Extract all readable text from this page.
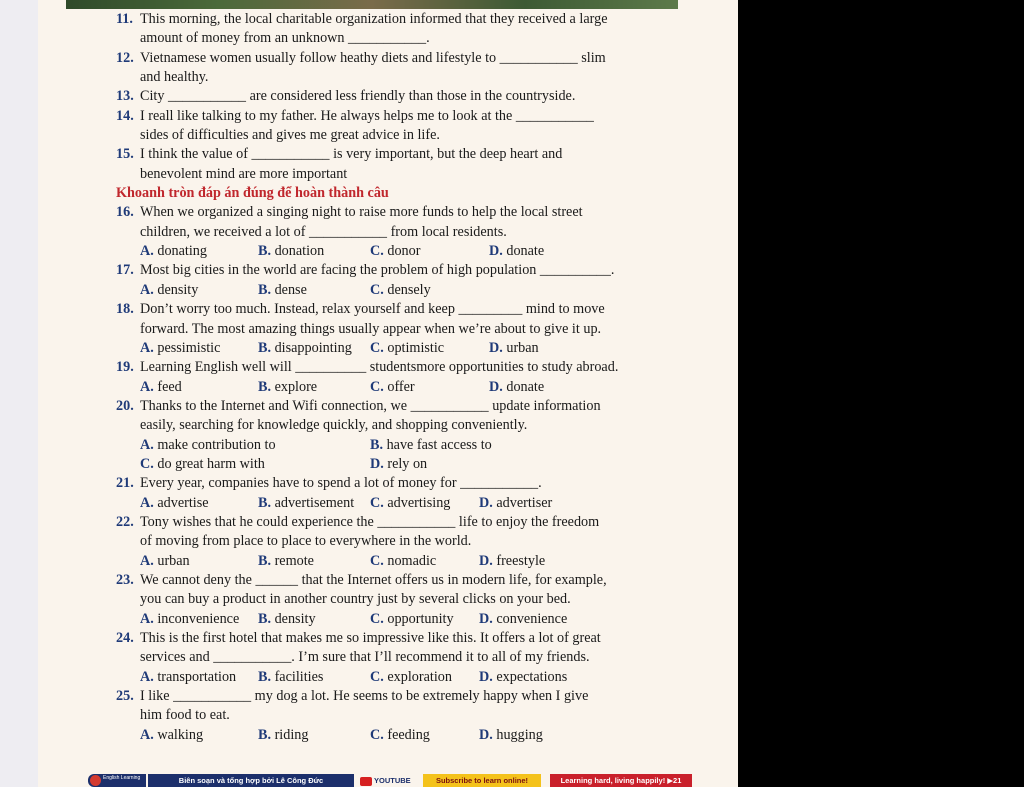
11. This morning, the local charitable organization informed that they received a large
amount of money from an unknown ___________.
12. Vietnamese women usually follow heathy diets and lifestyle to ___________ slim
and healthy.
13. City ___________ are considered less friendly than those in the countryside.
14. I reall like talking to my father. He always helps me to look at the ___________
sides of difficulties and gives me great advice in life.
15. I think the value of ___________ is very important, but the deep heart and
benevolent mind are more important
Khoanh tròn đáp án đúng để hoàn thành câu
16. When we organized a singing night to raise more funds to help the local street
children, we received a lot of ___________ from local residents.
A. donating	B. donation	C. donor	D. donate
17. Most big cities in the world are facing the problem of high population __________.
A. density	B. dense	C. densely
18. Don’t worry too much. Instead, relax yourself and keep _________ mind to move
forward. The most amazing things usually appear when we’re about to give it up.
A. pessimistic	B. disappointing C. optimistic	D. urban
19. Learning English well will __________ studentsmore opportunities to study abroad.
A. feed	B. explore	C. offer	D. donate
20. Thanks to the Internet and Wifi connection, we ___________ update information
easily, searching for knowledge quickly, and shopping conveniently.
A. make contribution to	B. have fast access to
C. do great harm with	D. rely on
21. Every year, companies have to spend a lot of money for ___________.
A. advertise	B. advertisement C. advertising D. advertiser
22. Tony wishes that he could experience the ___________ life to enjoy the freedom
of moving from place to place to everywhere in the world.
A. urban	B. remote	C. nomadic	D. freestyle
23. We cannot deny the ______ that the Internet offers us in modern life, for example,
you can buy a product in another country just by several clicks on your bed.
A. inconvenience B. density	C. opportunity D. convenience
24. This is the first hotel that makes me so impressive like this. It offers a lot of great
services and ___________. I’m sure that I’ll recommend it to all of my friends.
A. transportation B. facilities	C. exploration D. expectations
25. I like ___________ my dog a lot. He seems to be extremely happy when I give
him food to eat.
A. walking	B. riding	C. feeding	D. hugging
English Learning	Biên soạn và tổng hợp bởi Lê Công Đức	YOUTUBE	Subscribe to learn online!	Learning hard, living happily! ▶21
